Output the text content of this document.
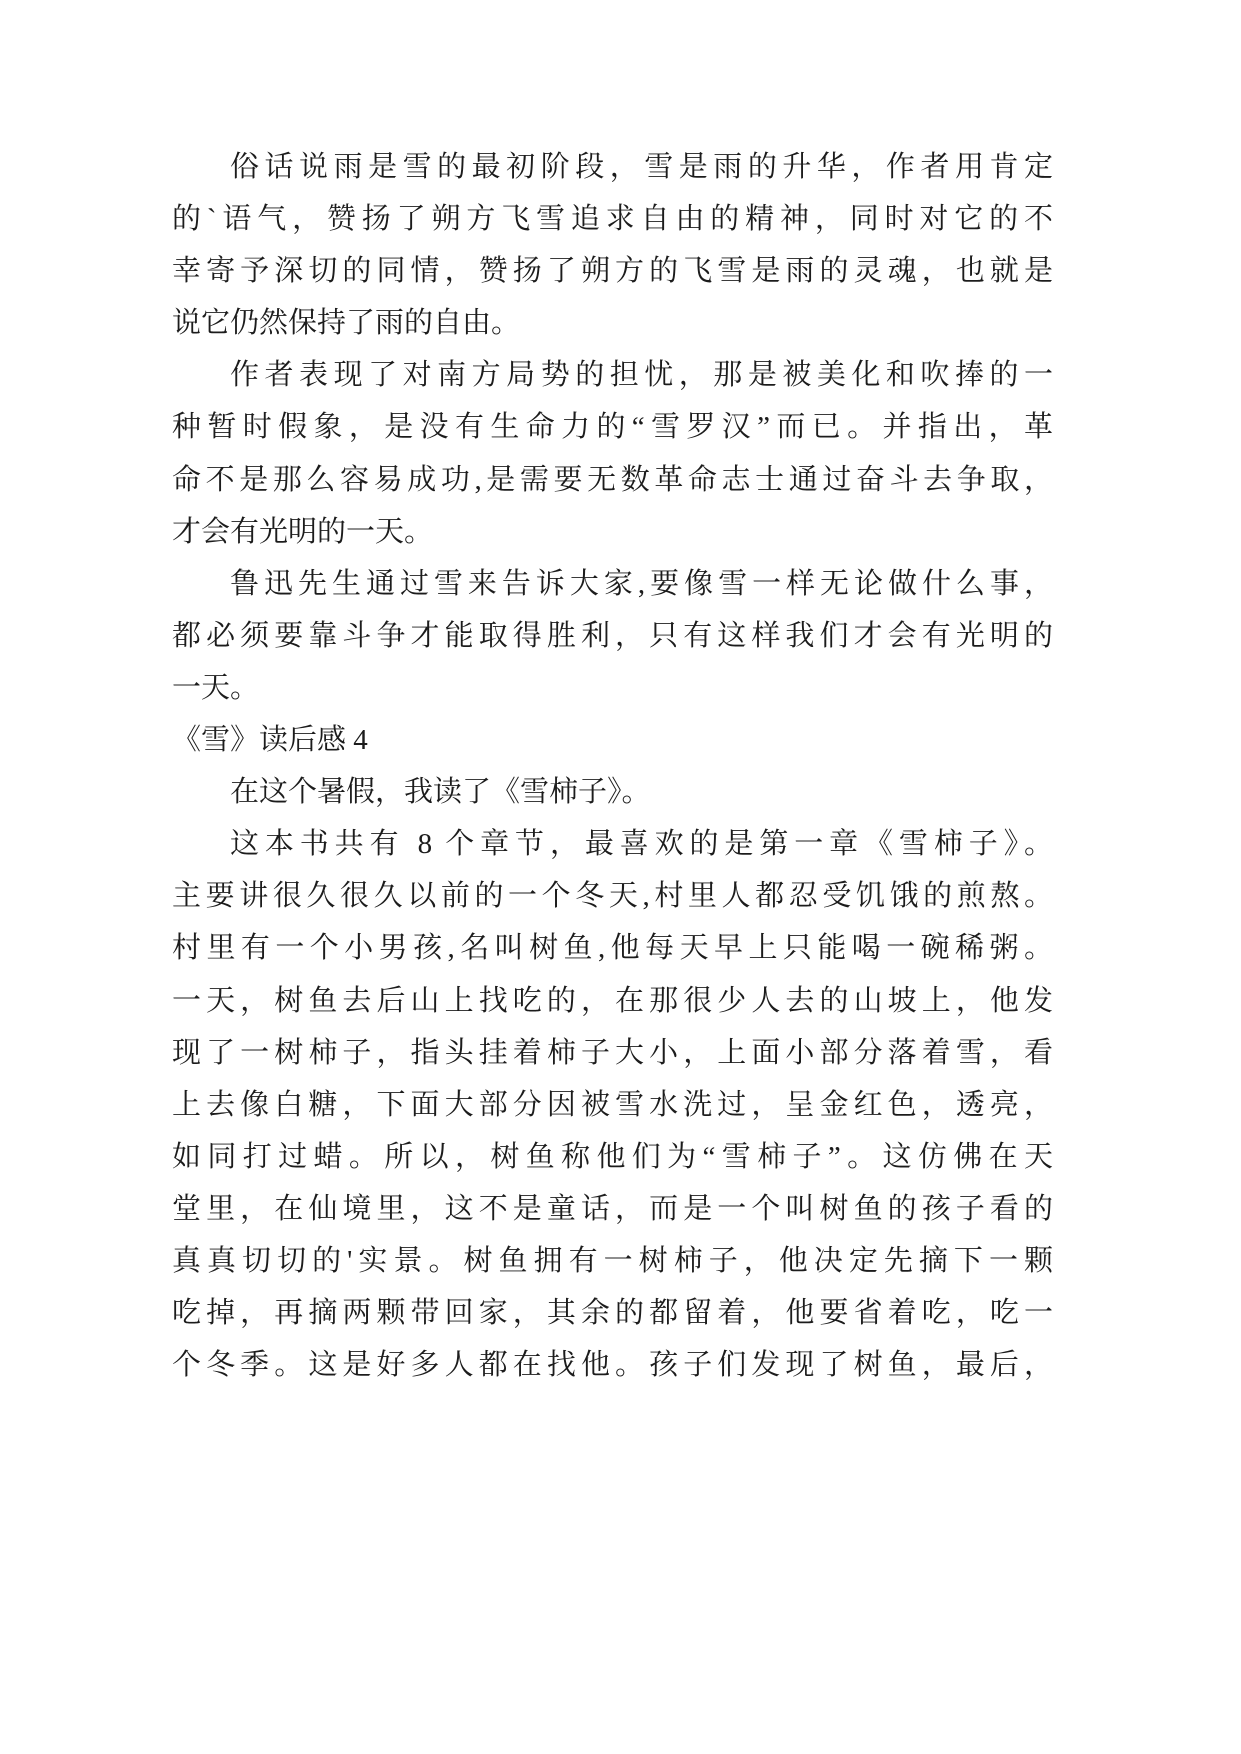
俗话说雨是雪的最初阶段，雪是雨的升华，作者用肯定
的`语气，赞扬了朔方飞雪追求自由的精神，同时对它的不
幸寄予深切的同情，赞扬了朔方的飞雪是雨的灵魂，也就是
说它仍然保持了雨的自由。
作者表现了对南方局势的担忧，那是被美化和吹捧的一
种暂时假象，是没有生命力的“雪罗汉”而已。并指出，革
命不是那么容易成功,是需要无数革命志士通过奋斗去争取，
才会有光明的一天。
鲁迅先生通过雪来告诉大家,要像雪一样无论做什么事，
都必须要靠斗争才能取得胜利，只有这样我们才会有光明的
一天。
《雪》读后感 4
在这个暑假，我读了《雪柿子》。
这本书共有 8 个章节，最喜欢的是第一章《雪柿子》。
主要讲很久很久以前的一个冬天,村里人都忍受饥饿的煎熬。
村里有一个小男孩,名叫树鱼,他每天早上只能喝一碗稀粥。
一天，树鱼去后山上找吃的，在那很少人去的山坡上，他发
现了一树柿子，指头挂着柿子大小，上面小部分落着雪，看
上去像白糖，下面大部分因被雪水洗过，呈金红色，透亮，
如同打过蜡。所以，树鱼称他们为“雪柿子”。这仿佛在天
堂里，在仙境里，这不是童话，而是一个叫树鱼的孩子看的
真真切切的'实景。树鱼拥有一树柿子，他决定先摘下一颗
吃掉，再摘两颗带回家，其余的都留着，他要省着吃，吃一
个冬季。这是好多人都在找他。孩子们发现了树鱼，最后，
